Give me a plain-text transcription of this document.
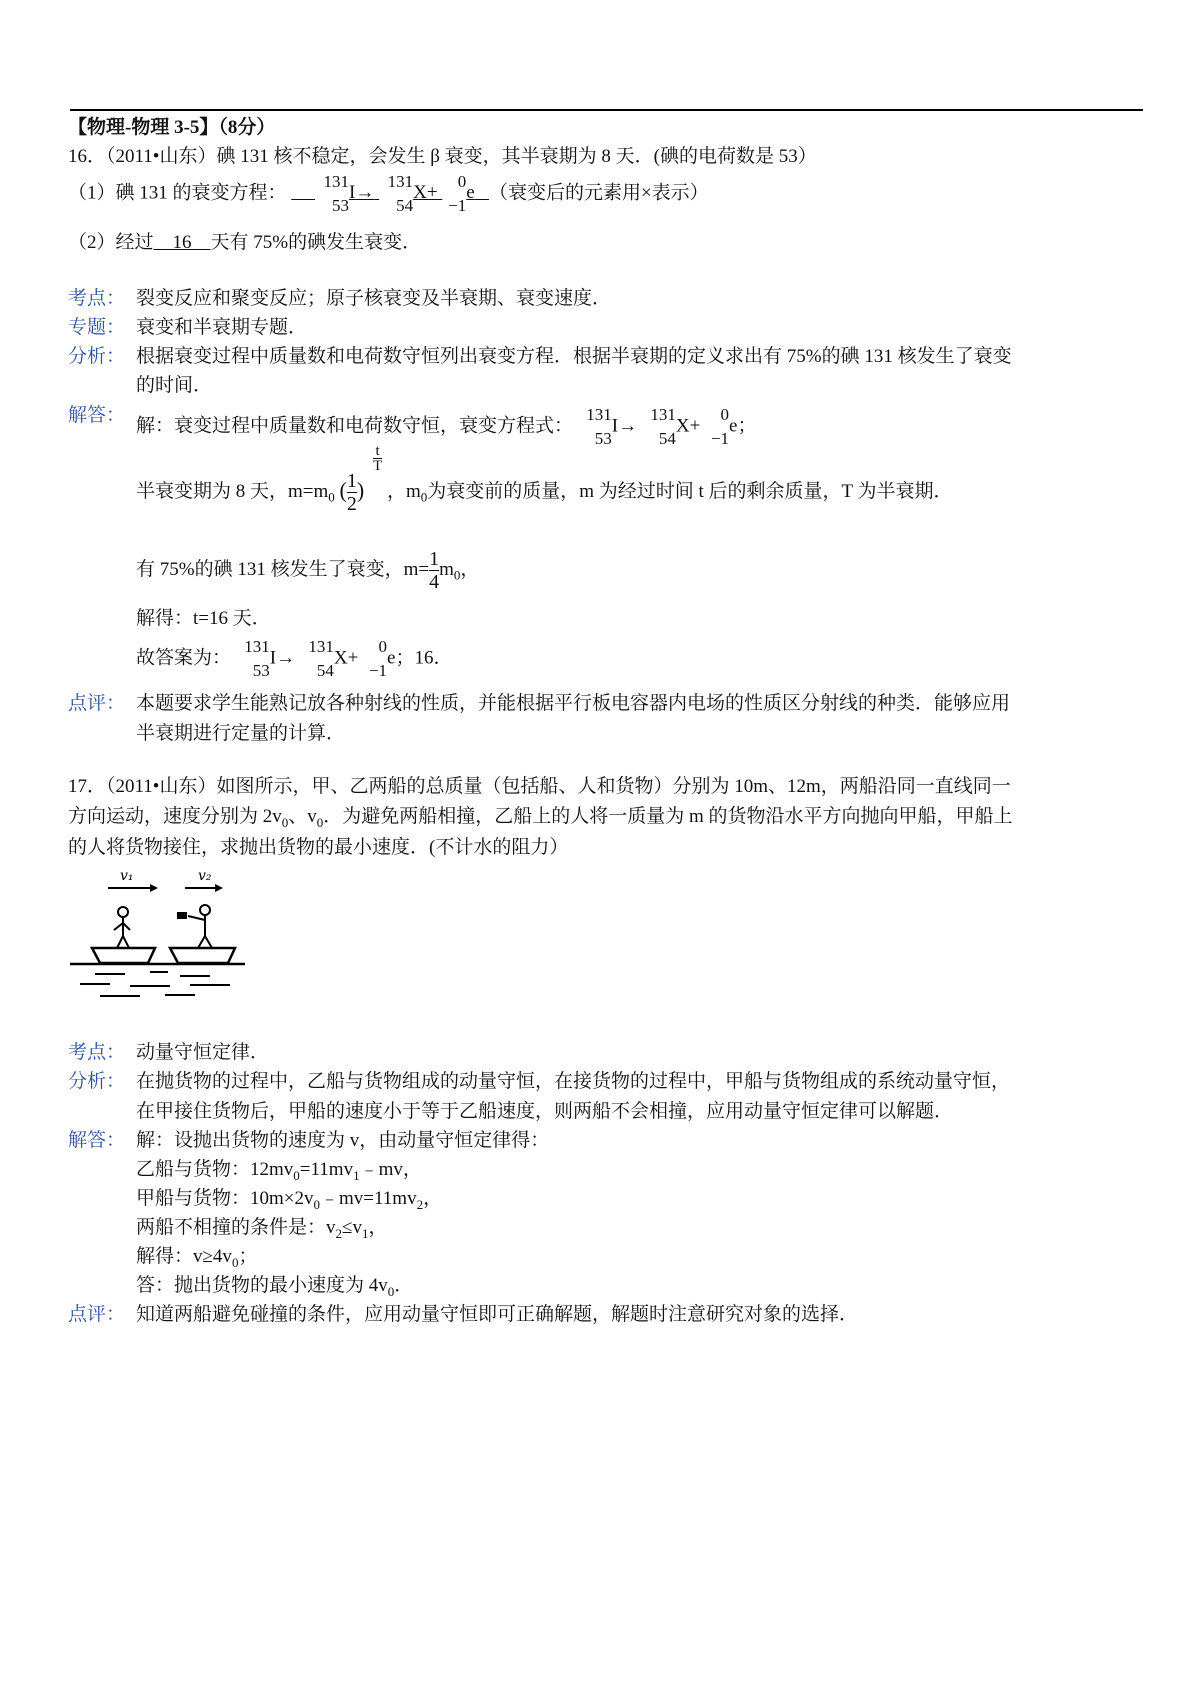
【物理-物理 3-5】（8分）
16．（2011•山东）碘 131 核不稳定，会发生 β 衰变，其半衰期为 8 天．(碘的电荷数是 53）
（1）碘 131 的衰变方程：
131
53
I→
131
54
X+
0
−1
e （衰变后的元素用×表示）
（2）经过 16 天有 75%的碘发生衰变．
考点： 裂变反应和聚变反应；原子核衰变及半衰期、衰变速度．
专题： 衰变和半衰期专题．
分析： 根据衰变过程中质量数和电荷数守恒列出衰变方程．根据半衰期的定义求出有 75%的碘 131 核发生了衰变
的时间．
解答： 解：衰变过程中质量数和电荷数守恒，衰变方程式：
131
53
I→
131
54
X+
0
−1
e；
半衰变期为 8 天，$m=m_0$ ( $\frac{1}{2}$ )
t
T
，$m_0$为衰变前的质量，m 为经过时间 t 后的剩余质量，T 为半衰期．
有 75%的碘 131 核发生了衰变，$m= \frac{1}{4} m_0$，
解得：t=16 天．
故答案为：
131
53
I→
131
54
X+
0
−1
e；16．
点评： 本题要求学生能熟记放各种射线的性质，并能根据平行板电容器内电场的性质区分射线的种类．能够应用
半衰期进行定量的计算．
17．（2011•山东）如图所示，甲、乙两船的总质量（包括船、人和货物）分别为 10m、12m，两船沿同一直线同一
方向运动，速度分别为 $2v_0$、$v_0$．为避免两船相撞，乙船上的人将一质量为 m 的货物沿水平方向抛向甲船，甲船上
的人将货物接住，求抛出货物的最小速度．(不计水的阻力）
v₁	v₂
考点： 动量守恒定律．
分析： 在抛货物的过程中，乙船与货物组成的动量守恒，在接货物的过程中，甲船与货物组成的系统动量守恒，
在甲接住货物后，甲船的速度小于等于乙船速度，则两船不会相撞，应用动量守恒定律可以解题．
解答： 解：设抛出货物的速度为 v，由动量守恒定律得：
乙船与货物：$12mv_0=11mv_1﹣mv$，
甲船与货物：$10m\times 2v_0﹣mv=11mv_2$，
两船不相撞的条件是：$v_2\le v_1$，
解得：$v\ge 4v_0$；
答：抛出货物的最小速度为 $4v_0$．
点评： 知道两船避免碰撞的条件，应用动量守恒即可正确解题，解题时注意研究对象的选择．
